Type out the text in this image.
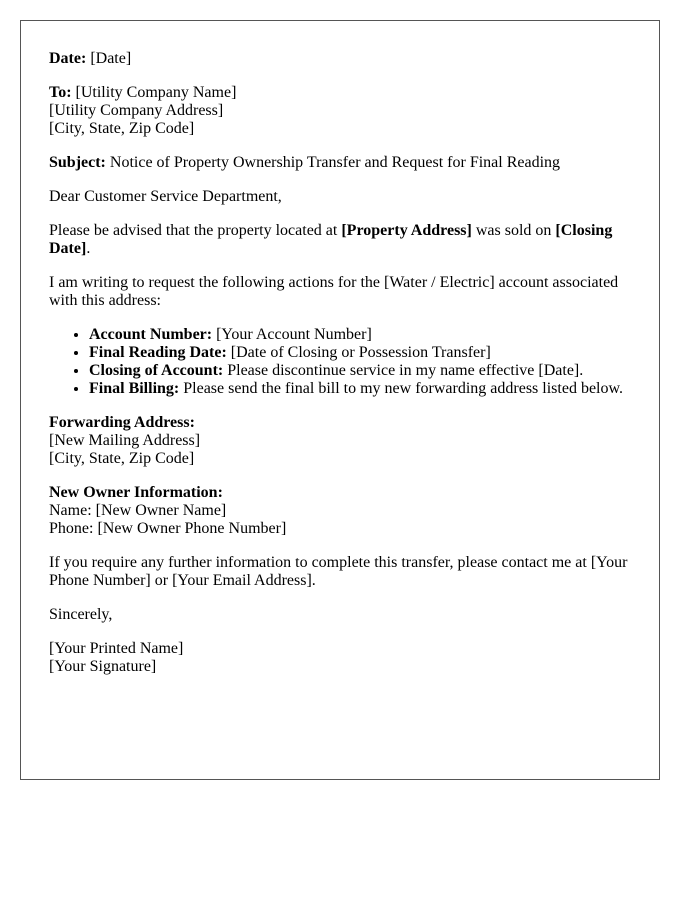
Date: [Date]

To: [Utility Company Name]
[Utility Company Address]
[City, State, Zip Code]

Subject: Notice of Property Ownership Transfer and Request for Final Reading

Dear Customer Service Department,

Please be advised that the property located at [Property Address] was sold on [Closing Date].

I am writing to request the following actions for the [Water / Electric] account associated with this address:

• Account Number: [Your Account Number]
• Final Reading Date: [Date of Closing or Possession Transfer]
• Closing of Account: Please discontinue service in my name effective [Date].
• Final Billing: Please send the final bill to my new forwarding address listed below.

Forwarding Address:
[New Mailing Address]
[City, State, Zip Code]

New Owner Information:
Name: [New Owner Name]
Phone: [New Owner Phone Number]

If you require any further information to complete this transfer, please contact me at [Your Phone Number] or [Your Email Address].

Sincerely,

[Your Printed Name]
[Your Signature]
